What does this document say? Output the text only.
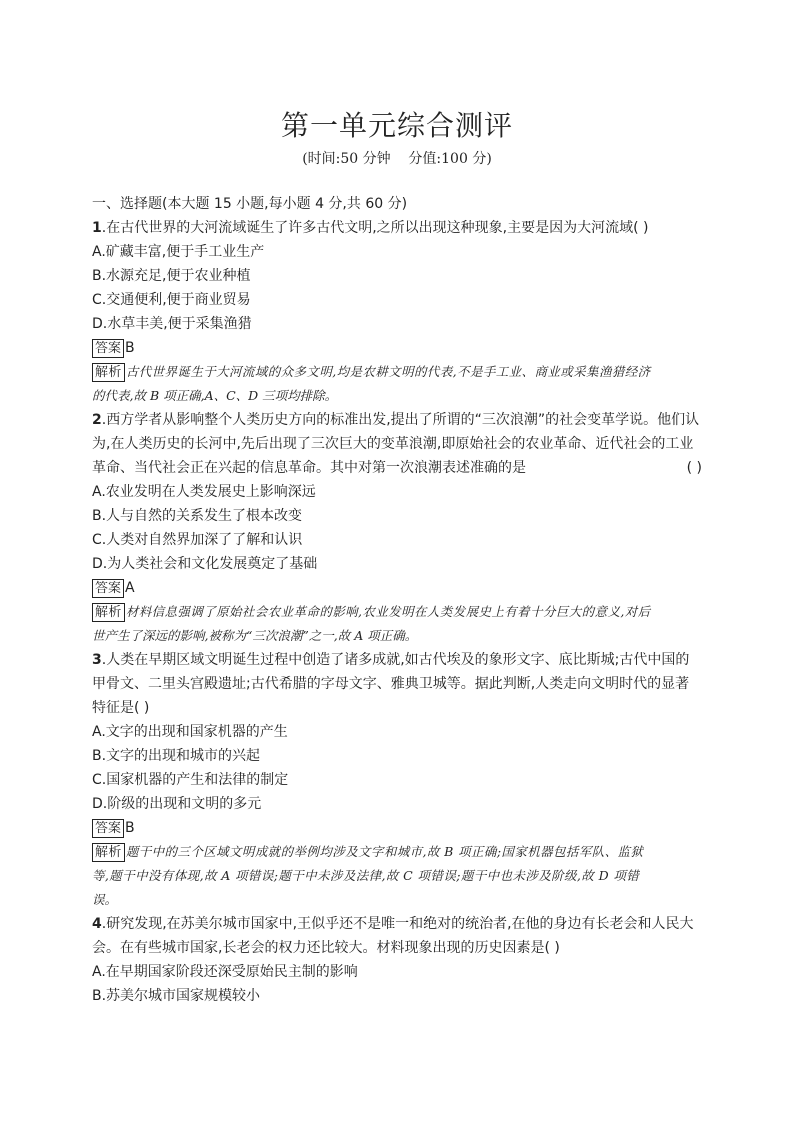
第一单元综合测评
(时间:50 分钟    分值:100 分)
一、选择题(本大题 15 小题,每小题 4 分,共 60 分)
1.在古代世界的大河流域诞生了许多古代文明,之所以出现这种现象,主要是因为大河流域( )
A.矿藏丰富,便于手工业生产
B.水源充足,便于农业种植
C.交通便利,便于商业贸易
D.水草丰美,便于采集渔猎
答案 B
解析 古代世界诞生于大河流域的众多文明,均是农耕文明的代表,不是手工业、商业或采集渔猎经济
的代表,故 B 项正确,A、C、D 三项均排除。
2.西方学者从影响整个人类历史方向的标准出发,提出了所谓的“三次浪潮”的社会变革学说。他们认
为,在人类历史的长河中,先后出现了三次巨大的变革浪潮,即原始社会的农业革命、近代社会的工业
革命、当代社会正在兴起的信息革命。其中对第一次浪潮表述准确的是	( )
A.农业发明在人类发展史上影响深远
B.人与自然的关系发生了根本改变
C.人类对自然界加深了了解和认识
D.为人类社会和文化发展奠定了基础
答案 A
解析 材料信息强调了原始社会农业革命的影响,农业发明在人类发展史上有着十分巨大的意义,对后
世产生了深远的影响,被称为“三次浪潮”之一,故 A 项正确。
3.人类在早期区域文明诞生过程中创造了诸多成就,如古代埃及的象形文字、底比斯城;古代中国的
甲骨文、二里头宫殿遗址;古代希腊的字母文字、雅典卫城等。据此判断,人类走向文明时代的显著
特征是( )
A.文字的出现和国家机器的产生
B.文字的出现和城市的兴起
C.国家机器的产生和法律的制定
D.阶级的出现和文明的多元
答案 B
解析 题干中的三个区域文明成就的举例均涉及文字和城市,故 B 项正确;国家机器包括军队、监狱
等,题干中没有体现,故 A 项错误;题干中未涉及法律,故 C 项错误;题干中也未涉及阶级,故 D 项错
误。
4.研究发现,在苏美尔城市国家中,王似乎还不是唯一和绝对的统治者,在他的身边有长老会和人民大
会。在有些城市国家,长老会的权力还比较大。材料现象出现的历史因素是( )
A.在早期国家阶段还深受原始民主制的影响
B.苏美尔城市国家规模较小
